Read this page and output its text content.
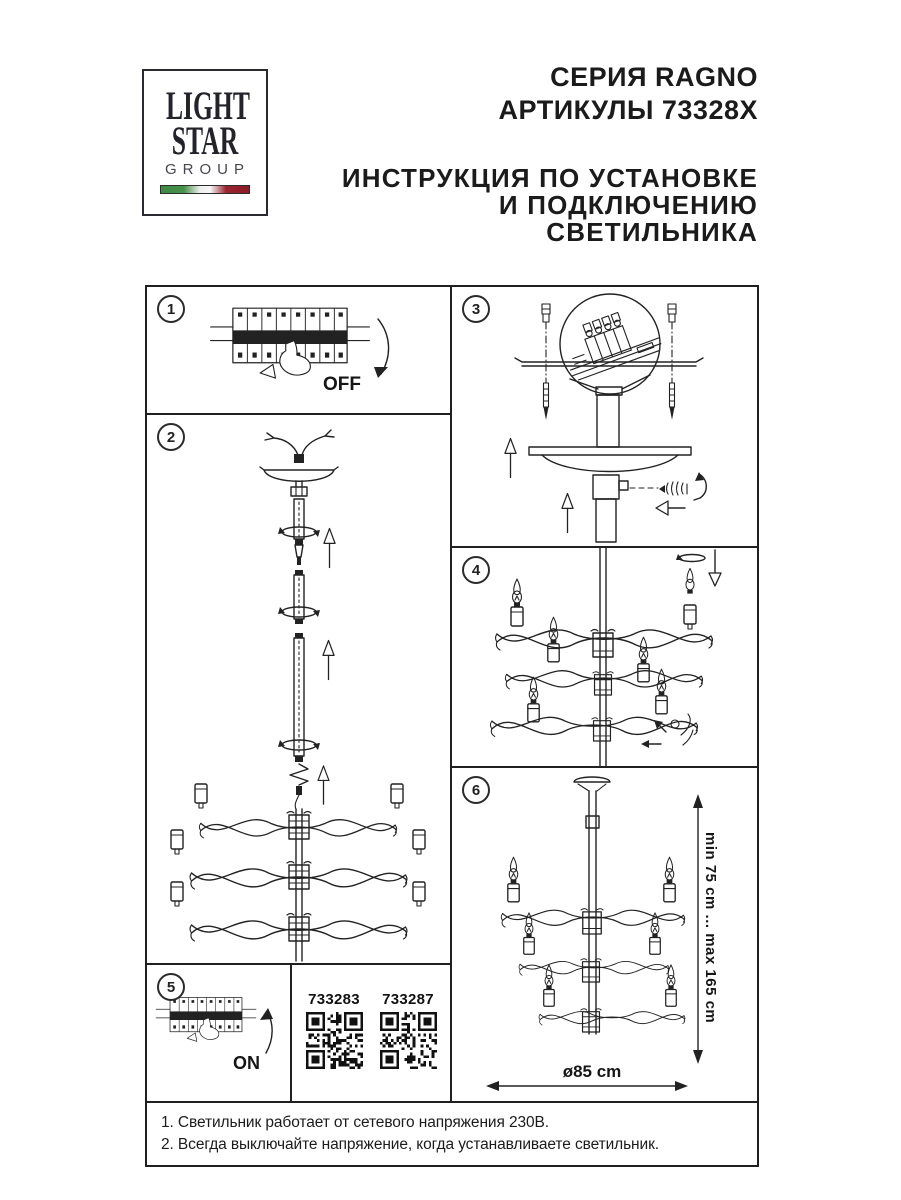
LIGHT
STAR
GROUP
СЕРИЯ RAGNO
АРТИКУЛЫ 73328X
ИНСТРУКЦИЯ ПО УСТАНОВКЕ
И ПОДКЛЮЧЕНИЮ СВЕТИЛЬНИКА
1
OFF
2
5
ON
733283 733287
3
4
6
min 75 cm ... max 165 cm
ø85 cm
1. Светильник работает от сетевого напряжения 230В.
2. Всегда выключайте напряжение, когда устанавливаете светильник.
